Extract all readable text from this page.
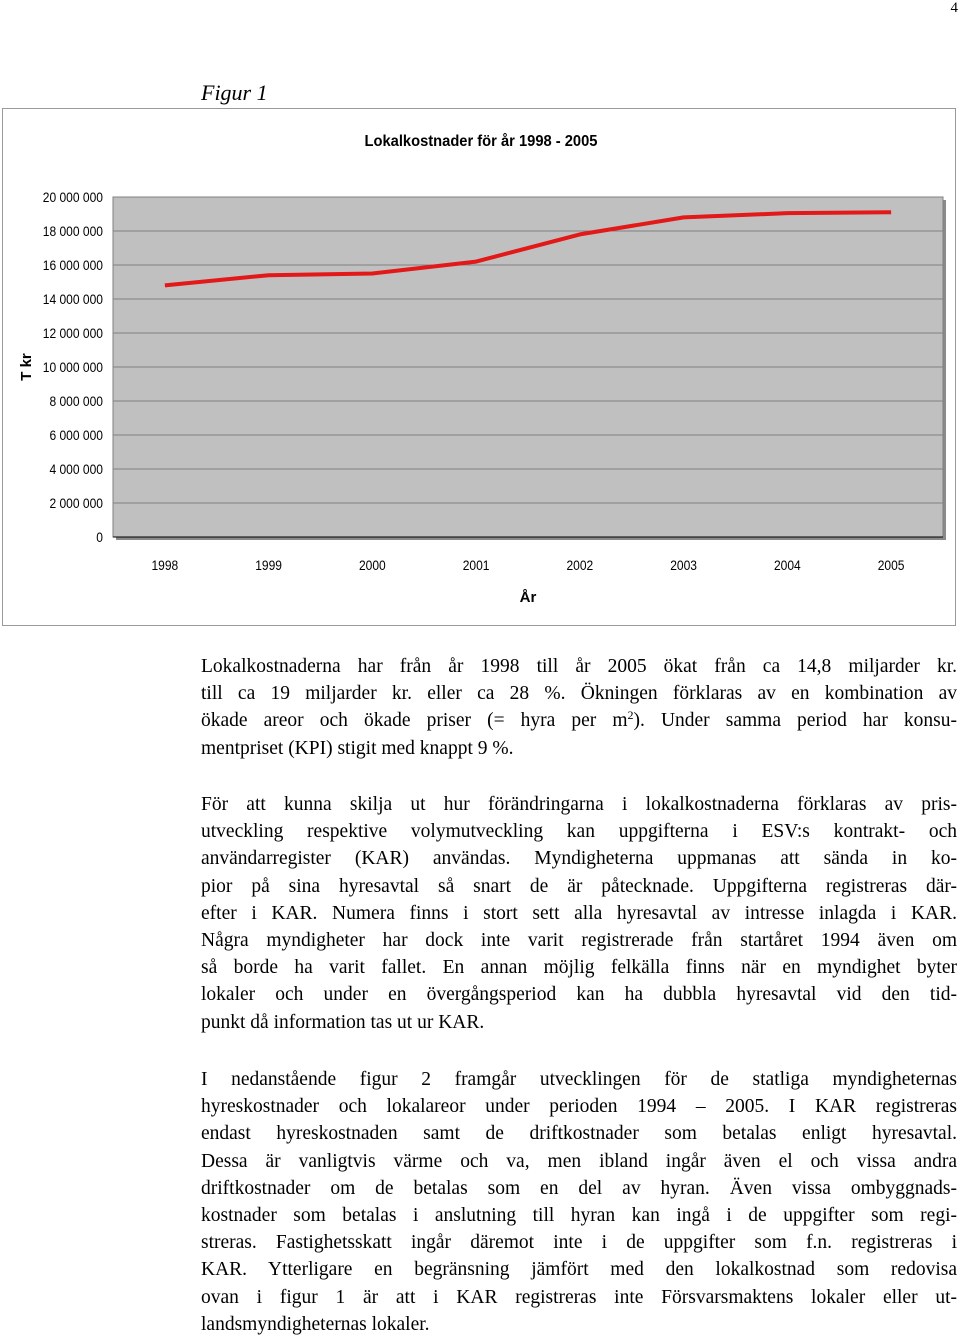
4
Figur 1
Lokalkostnader för år 1998 - 2005
0
2 000 000
4 000 000
6 000 000
8 000 000
10 000 000
12 000 000
14 000 000
16 000 000
18 000 000
20 000 000
1998	1999	2000	2001	2002	2003	2004	2005
År
T kr
Lokalkostnaderna har från år 1998 till år 2005 ökat från ca 14,8 miljarder kr.
till ca 19 miljarder kr. eller ca 28 %. Ökningen förklaras av en kombination av
ökade areor och ökade priser (= hyra per $m^2$). Under samma period har konsu-
mentpriset (KPI) stigit med knappt 9 %.
För att kunna skilja ut hur förändringarna i lokalkostnaderna förklaras av pris-
utveckling respektive volymutveckling kan uppgifterna i ESV:s kontrakt- och
användarregister (KAR) användas. Myndigheterna uppmanas att sända in ko-
pior på sina hyresavtal så snart de är påtecknade. Uppgifterna registreras där-
efter i KAR. Numera finns i stort sett alla hyresavtal av intresse inlagda i KAR.
Några myndigheter har dock inte varit registrerade från startåret 1994 även om
så borde ha varit fallet. En annan möjlig felkälla finns när en myndighet byter
lokaler och under en övergångsperiod kan ha dubbla hyresavtal vid den tid-
punkt då information tas ut ur KAR.
I nedanstående figur 2 framgår utvecklingen för de statliga myndigheternas
hyreskostnader och lokalareor under perioden 1994 – 2005. I KAR registreras
endast hyreskostnaden samt de driftkostnader som betalas enligt hyresavtal.
Dessa är vanligtvis värme och va, men ibland ingår även el och vissa andra
driftkostnader om de betalas som en del av hyran. Även vissa ombyggnads-
kostnader som betalas i anslutning till hyran kan ingå i de uppgifter som regi-
streras. Fastighetsskatt ingår däremot inte i de uppgifter som f.n. registreras i
KAR. Ytterligare en begränsning jämfört med den lokalkostnad som redovisa
ovan i figur 1 är att i KAR registreras inte Försvarsmaktens lokaler eller ut-
landsmyndigheternas lokaler.
